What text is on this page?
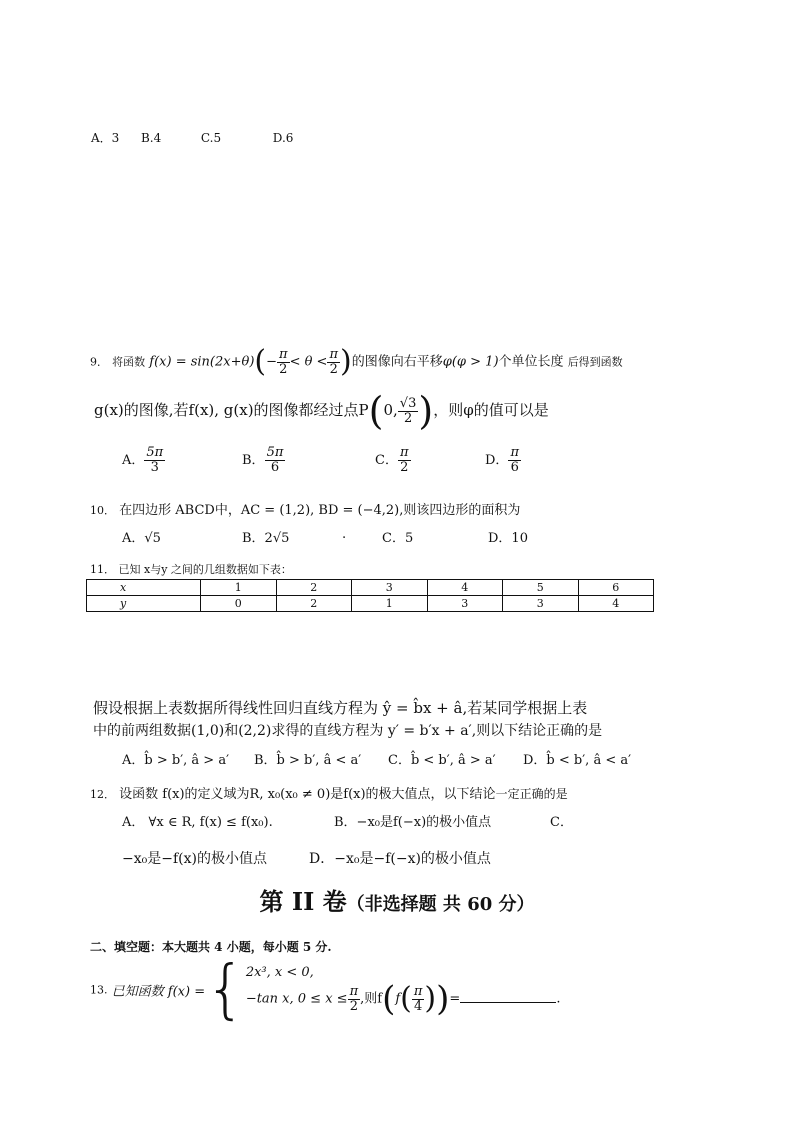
A．3 B.4	C.5	D.6
9． 将函数 $f(x) = \sin(2x+\theta)(- \frac{\pi}{2} < \theta < \frac{\pi}{2}$ )的图像向右平移φ(φ > 1)个单位长度 后得到函数
g(x)的图像,若f(x), g(x)的图像都经过点P(0, $\frac{√3}{2}$ )，则φ的值可以是
A． $\frac{5\pi}{3}$	B． $\frac{5\pi}{6}$	C． $\frac{\pi}{2}$	D． $\frac{\pi}{6}$
10． 在四边形 ABCD中，AC = (1,2), BD = (−4,2),则该四边形的面积为
A．√5	B．2√5	.	C．5	D．10
11． 已知 x与y 之间的几组数据如下表：
x	1	2	3	4	5	6
y	0	2	1	3	3	4
假设根据上表数据所得线性回归直线方程为 ŷ = b̂x + â,若某同学根据上表
中的前两组数据(1,0)和(2,2)求得的直线方程为 y′ = b′x + a′,则以下结论正确的是
A．b̂ > b′, â > a′ B．b̂ > b′, â < a′ C．b̂ < b′, â > a′ D．b̂ < b′, â < a′
12． 设函数 f(x)的定义域为R, x₀(x₀ ≠ 0)是f(x)的极大值点，以下结论一定正确的是
A． ∀x ∈ R, f(x) ≤ f(x₀).	B．−x₀是f(−x)的极小值点	C．
−x₀是−f(x)的极小值点	D．−x₀是−f(−x)的极小值点
第 II 卷（非选择题 共 60 分）
二、填空题：本大题共 4 小题，每小题 5 分.
13. 已知函数 f(x) ={ 2x³, x < 0,
−tan x, $0 \le x \le \frac{\pi}{2}$ ,则$f(f( \frac{\pi}{4}$ ))=	.
